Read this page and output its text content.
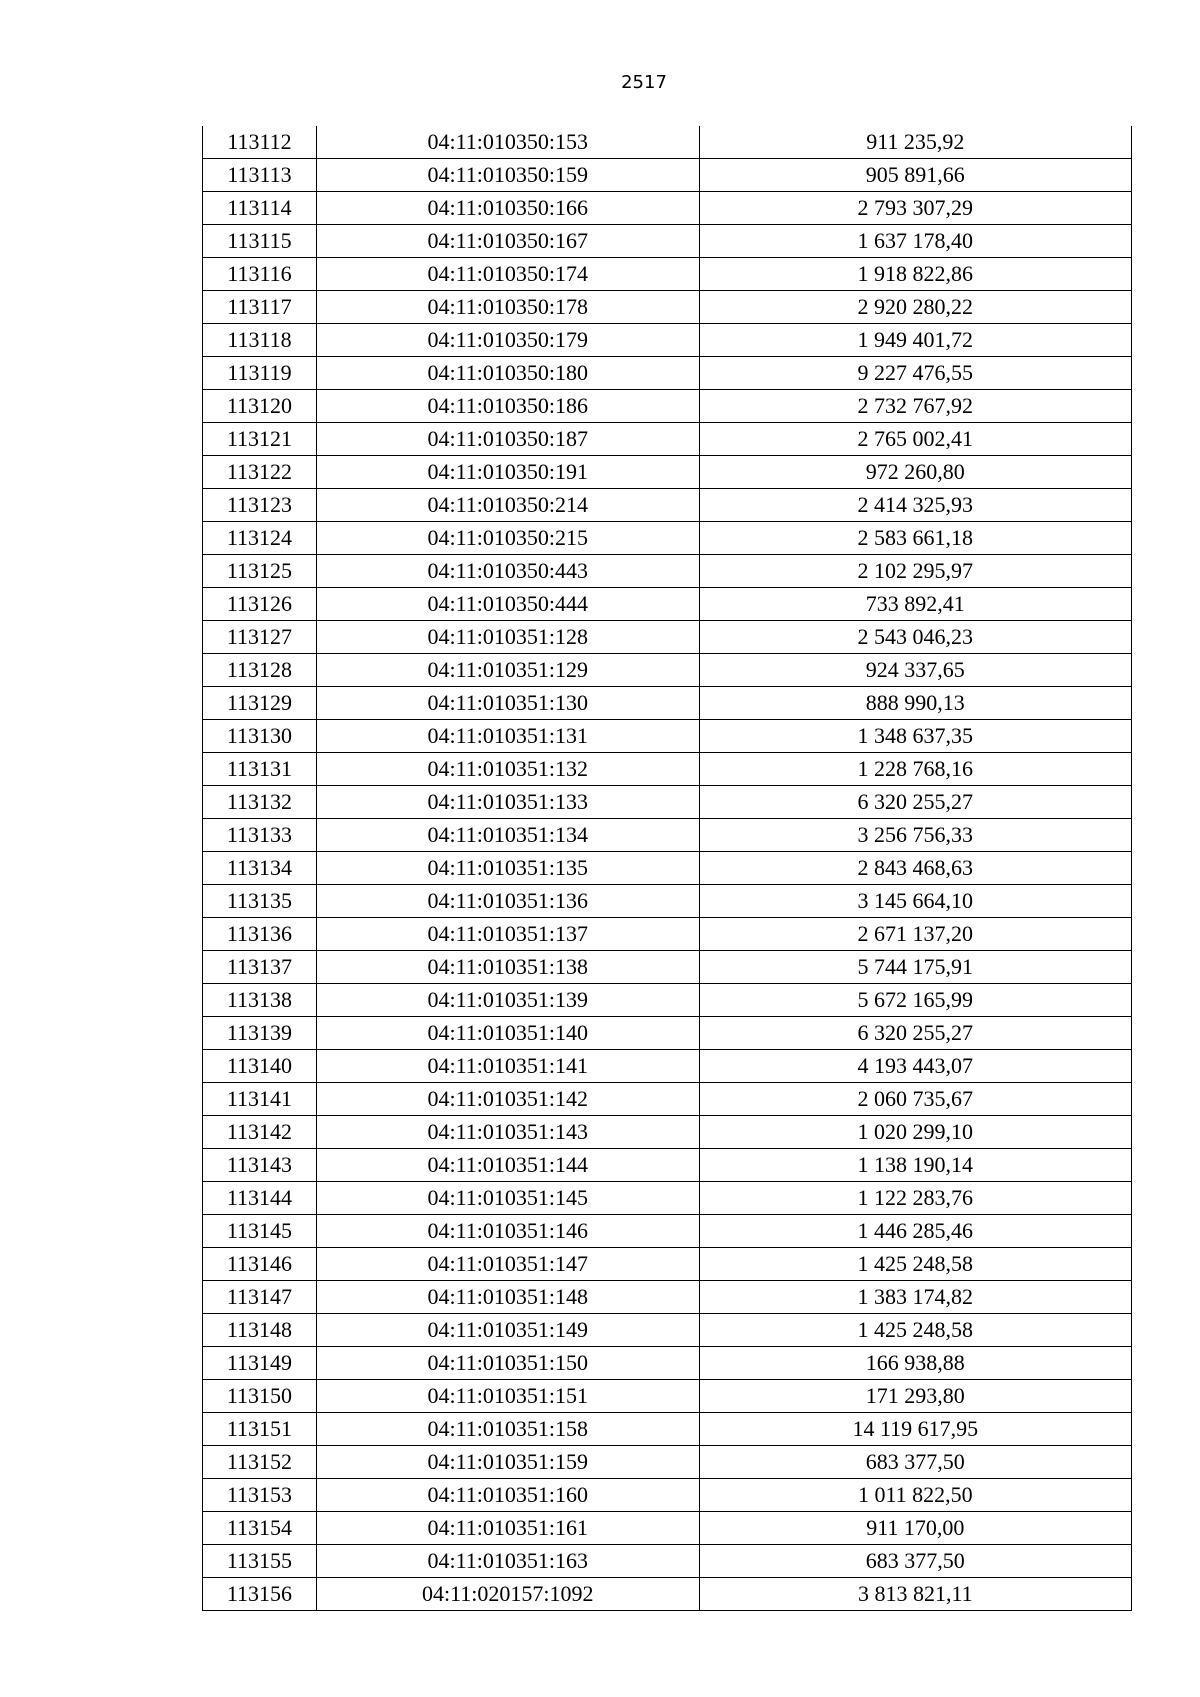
2517
113112	04:11:010350:153	911 235,92
113113	04:11:010350:159	905 891,66
113114	04:11:010350:166	2 793 307,29
113115	04:11:010350:167	1 637 178,40
113116	04:11:010350:174	1 918 822,86
113117	04:11:010350:178	2 920 280,22
113118	04:11:010350:179	1 949 401,72
113119	04:11:010350:180	9 227 476,55
113120	04:11:010350:186	2 732 767,92
113121	04:11:010350:187	2 765 002,41
113122	04:11:010350:191	972 260,80
113123	04:11:010350:214	2 414 325,93
113124	04:11:010350:215	2 583 661,18
113125	04:11:010350:443	2 102 295,97
113126	04:11:010350:444	733 892,41
113127	04:11:010351:128	2 543 046,23
113128	04:11:010351:129	924 337,65
113129	04:11:010351:130	888 990,13
113130	04:11:010351:131	1 348 637,35
113131	04:11:010351:132	1 228 768,16
113132	04:11:010351:133	6 320 255,27
113133	04:11:010351:134	3 256 756,33
113134	04:11:010351:135	2 843 468,63
113135	04:11:010351:136	3 145 664,10
113136	04:11:010351:137	2 671 137,20
113137	04:11:010351:138	5 744 175,91
113138	04:11:010351:139	5 672 165,99
113139	04:11:010351:140	6 320 255,27
113140	04:11:010351:141	4 193 443,07
113141	04:11:010351:142	2 060 735,67
113142	04:11:010351:143	1 020 299,10
113143	04:11:010351:144	1 138 190,14
113144	04:11:010351:145	1 122 283,76
113145	04:11:010351:146	1 446 285,46
113146	04:11:010351:147	1 425 248,58
113147	04:11:010351:148	1 383 174,82
113148	04:11:010351:149	1 425 248,58
113149	04:11:010351:150	166 938,88
113150	04:11:010351:151	171 293,80
113151	04:11:010351:158	14 119 617,95
113152	04:11:010351:159	683 377,50
113153	04:11:010351:160	1 011 822,50
113154	04:11:010351:161	911 170,00
113155	04:11:010351:163	683 377,50
113156	04:11:020157:1092	3 813 821,11
